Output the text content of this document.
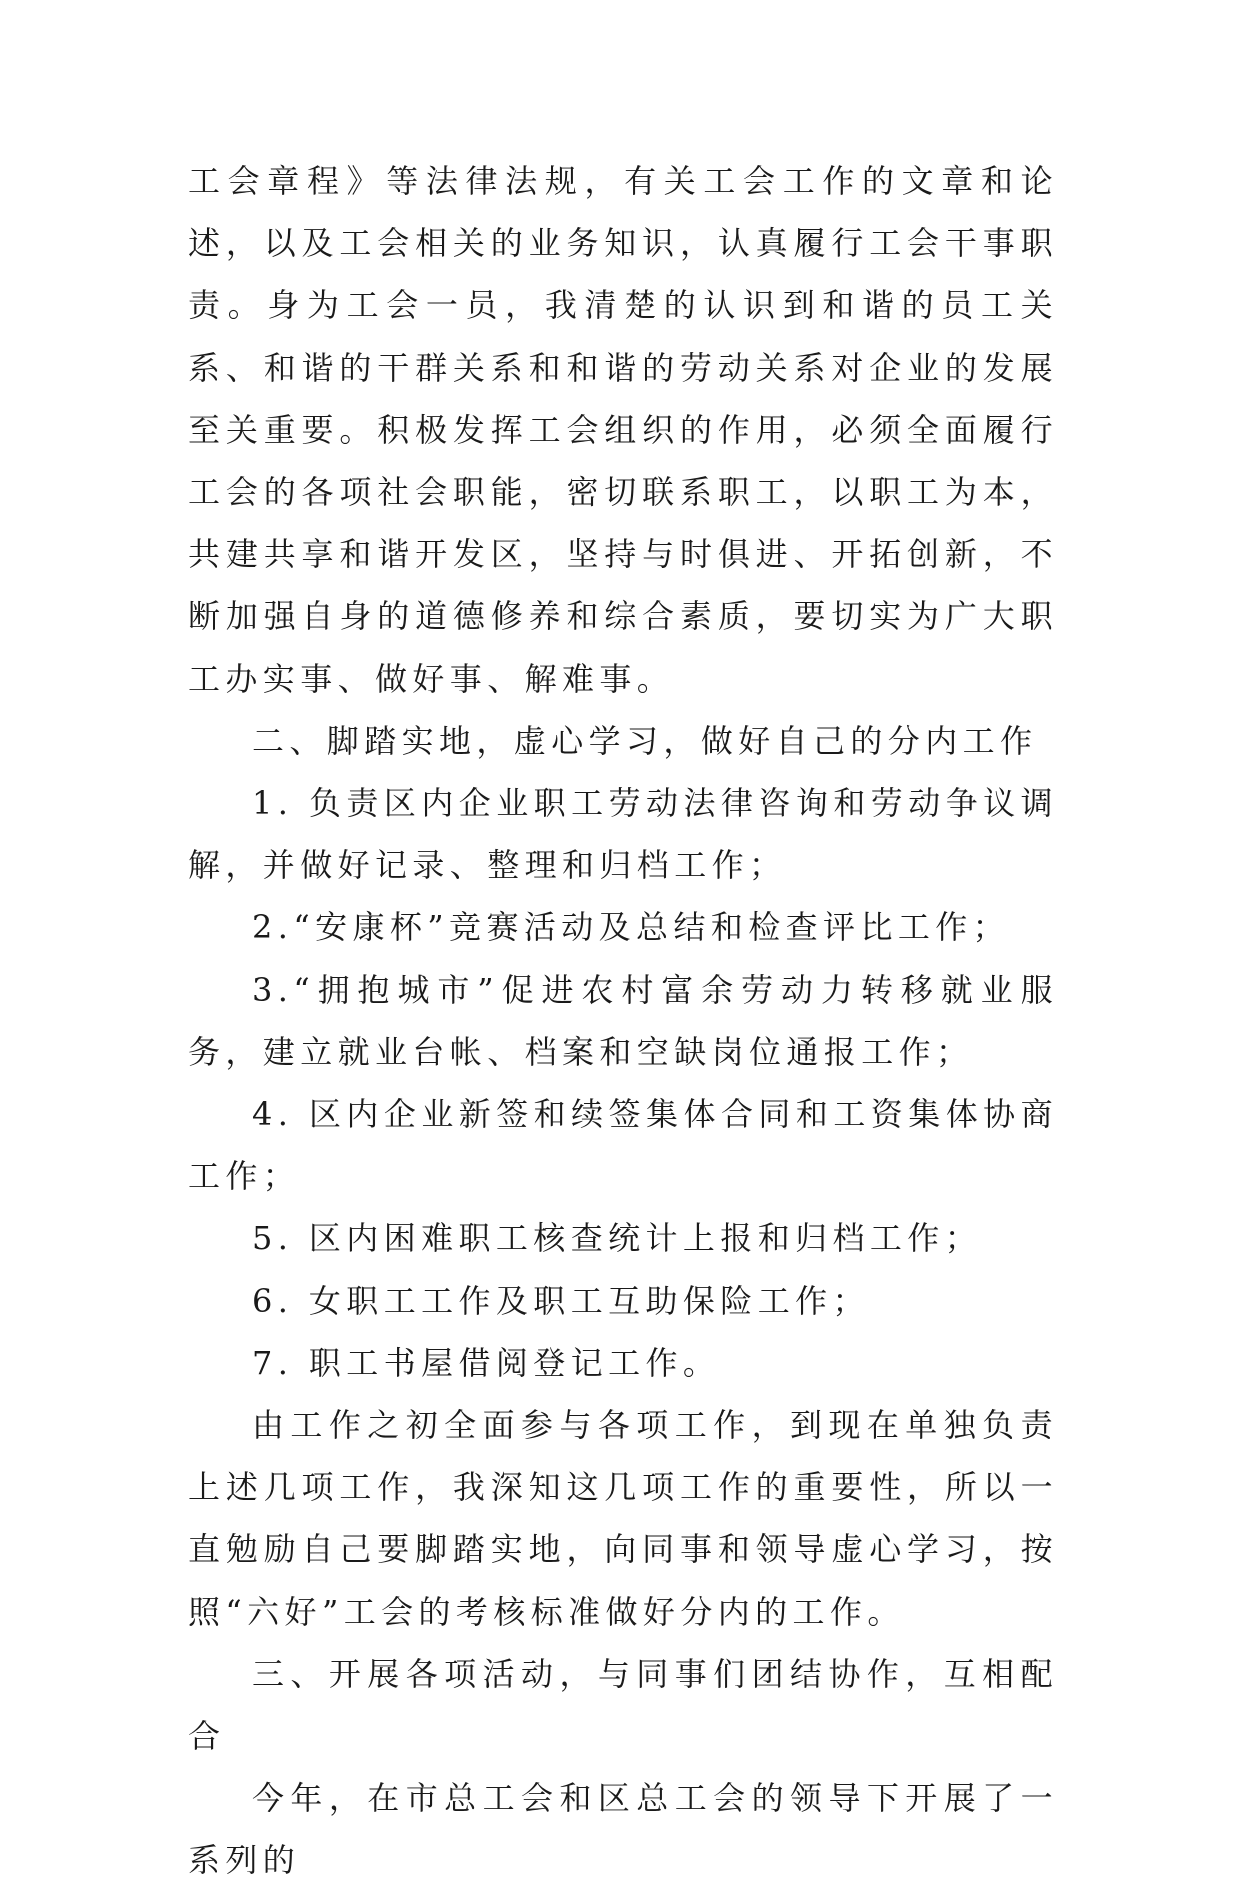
工会章程》等法律法规，有关工会工作的文章和论述，以及工会相关的业务知识，认真履行工会干事职责。身为工会一员，我清楚的认识到和谐的员工关系、和谐的干群关系和和谐的劳动关系对企业的发展至关重要。积极发挥工会组织的作用，必须全面履行工会的各项社会职能，密切联系职工，以职工为本，共建共享和谐开发区，坚持与时俱进、开拓创新，不断加强自身的道德修养和综合素质，要切实为广大职工办实事、做好事、解难事。

二、脚踏实地，虚心学习，做好自己的分内工作

1. 负责区内企业职工劳动法律咨询和劳动争议调解，并做好记录、整理和归档工作；

2.“安康杯”竞赛活动及总结和检查评比工作；

3.“拥抱城市”促进农村富余劳动力转移就业服务，建立就业台帐、档案和空缺岗位通报工作；

4. 区内企业新签和续签集体合同和工资集体协商工作；

5. 区内困难职工核查统计上报和归档工作；

6. 女职工工作及职工互助保险工作；

7. 职工书屋借阅登记工作。

由工作之初全面参与各项工作，到现在单独负责上述几项工作，我深知这几项工作的重要性，所以一直勉励自己要脚踏实地，向同事和领导虚心学习，按照“六好”工会的考核标准做好分内的工作。

三、开展各项活动，与同事们团结协作，互相配合

今年，在市总工会和区总工会的领导下开展了一系列的
